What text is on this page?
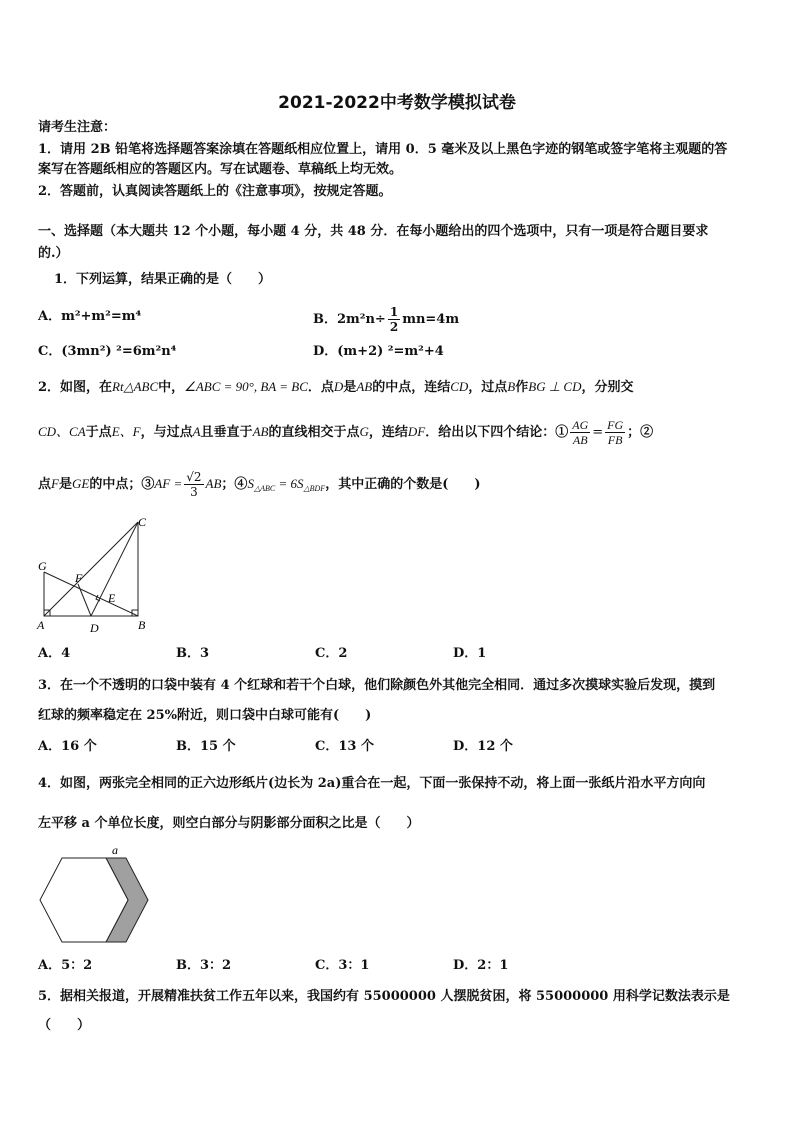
2021-2022中考数学模拟试卷
请考生注意：
1．请用 2B 铅笔将选择题答案涂填在答题纸相应位置上，请用 0．5 毫米及以上黑色字迹的钢笔或签字笔将主观题的答
案写在答题纸相应的答题区内。写在试题卷、草稿纸上均无效。
2．答题前，认真阅读答题纸上的《注意事项》，按规定答题。
一、选择题（本大题共 12 个小题，每小题 4 分，共 48 分．在每小题给出的四个选项中，只有一项是符合题目要求
的.）
1．下列运算，结果正确的是（　　）
A．m²+m²=m⁴	B．$2m^2n\div \frac{1}{2} mn=4m$
C．(3mn²) ²=6m²n⁴	D．(m+2) ²=m²+4
2．如图，在Rt△ABC中，∠ABC = 90°, BA = BC．点D是AB的中点，连结CD，过点B作BG ⊥ CD，分别交
CD、CA于点E、F，与过点A且垂直于AB的直线相交于点G，连结DF．给出以下四个结论：① $\frac{AG}{AB} = \frac{FG}{FB}$ ；②
点F是GE的中点；③AF = $\frac{√2}{3}$ AB；$④S_{\triangle ABC} = 6S_{\triangle BDF}$，其中正确的个数是(　　)
C
G
F
E
A	D	B
A．4	B．3	C．2	D．1
3．在一个不透明的口袋中装有 4 个红球和若干个白球，他们除颜色外其他完全相同．通过多次摸球实验后发现，摸到
红球的频率稳定在 25%附近，则口袋中白球可能有(　　)
A．16 个	B．15 个	C．13 个	D．12 个
4．如图，两张完全相同的正六边形纸片(边长为 2a)重合在一起，下面一张保持不动，将上面一张纸片沿水平方向向
左平移 a 个单位长度，则空白部分与阴影部分面积之比是（　　）
a
A．5：2	B．3：2	C．3：1	D．2：1
5．据相关报道，开展精准扶贫工作五年以来，我国约有 55000000 人摆脱贫困，将 55000000 用科学记数法表示是
（　　）
